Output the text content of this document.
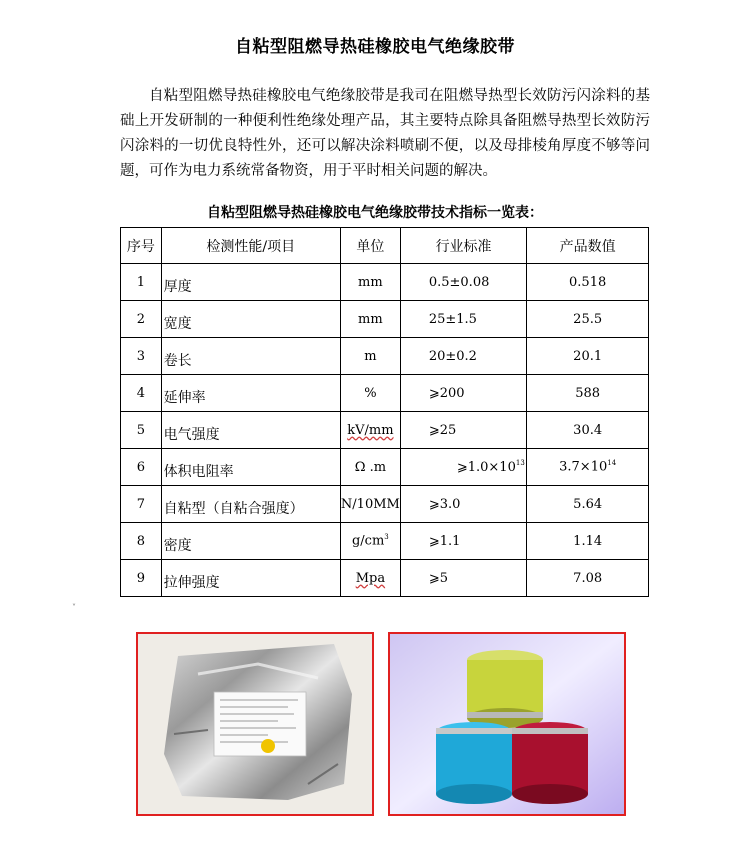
自粘型阻燃导热硅橡胶电气绝缘胶带

自粘型阻燃导热硅橡胶电气绝缘胶带是我司在阻燃导热型长效防污闪涂料的基础上开发研制的一种便利性绝缘处理产品，其主要特点除具备阻燃导热型长效防污闪涂料的一切优良特性外，还可以解决涂料喷刷不便，以及母排棱角厚度不够等问题，可作为电力系统常备物资，用于平时相关问题的解决。

自粘型阻燃导热硅橡胶电气绝缘胶带技术指标一览表：
序号	检测性能/项目	单位	行业标准	产品数值
1	厚度	mm	0.5±0.08	0.518
2	宽度	mm	25±1.5	25.5
3	卷长	m	20±0.2	20.1
4	延伸率	%	⩾200	588
5	电气强度	kV/mm	⩾25	30.4
6	体积电阻率	Ω .m	$⩾1.0\times 10^{13}$	$3.7\times 10^{14}$
7	自粘型（自粘合强度）	N/10MM	⩾3.0	5.64
8	密度	$g/cm^3$	⩾1.1	1.14
9	拉伸强度	Mpa	⩾5	7.08
˅
